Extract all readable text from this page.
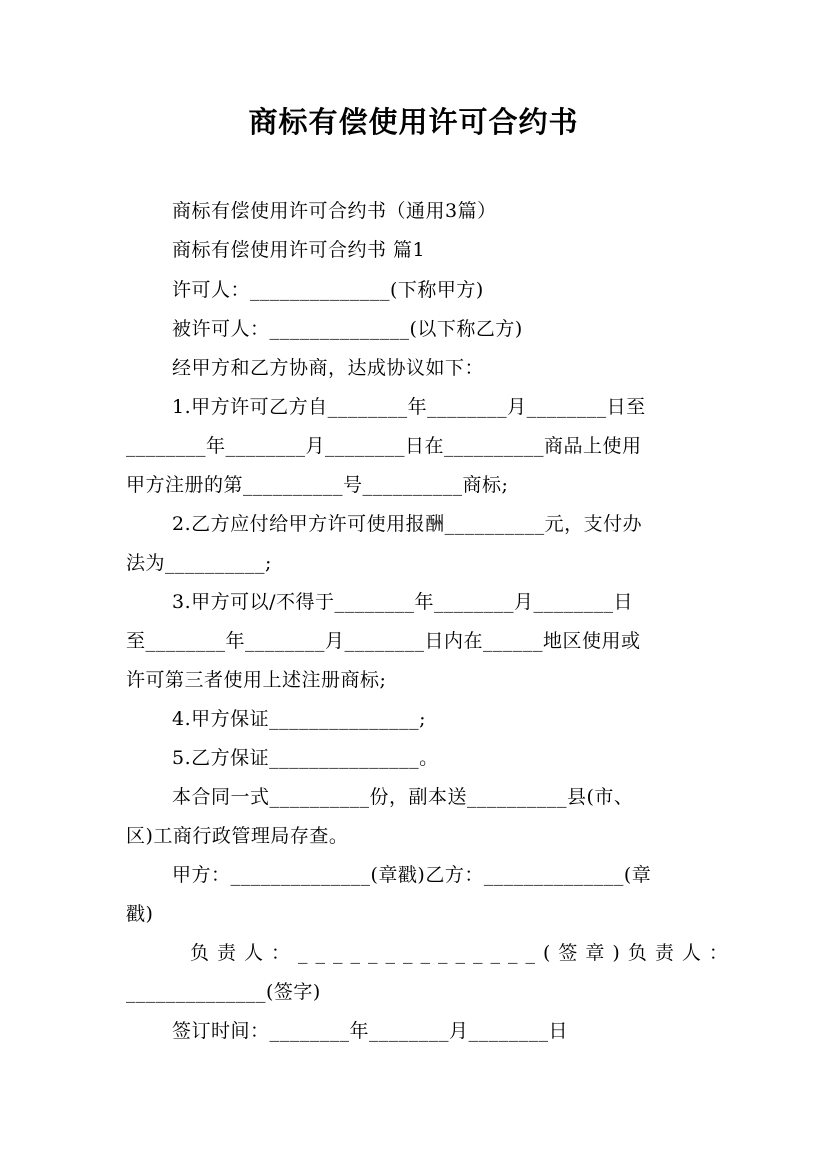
商标有偿使用许可合约书

商标有偿使用许可合约书（通用3篇）

商标有偿使用许可合约书 篇1

许可人：______________(下称甲方)

被许可人：______________(以下称乙方)

经甲方和乙方协商，达成协议如下：

1.甲方许可乙方自________年________月________日至

________年________月________日在__________商品上使用

甲方注册的第__________号__________商标;

2.乙方应付给甲方许可使用报酬__________元，支付办

法为__________;

3.甲方可以/不得于________年________月________日

至________年________月________日内在______地区使用或

许可第三者使用上述注册商标;

4.甲方保证_______________;

5.乙方保证_______________。

本合同一式__________份，副本送__________县(市、

区)工商行政管理局存查。

甲方：______________(章戳)乙方：______________(章

戳)

负责人：______________(签章)负责人：

______________(签字)

签订时间：________年________月________日
